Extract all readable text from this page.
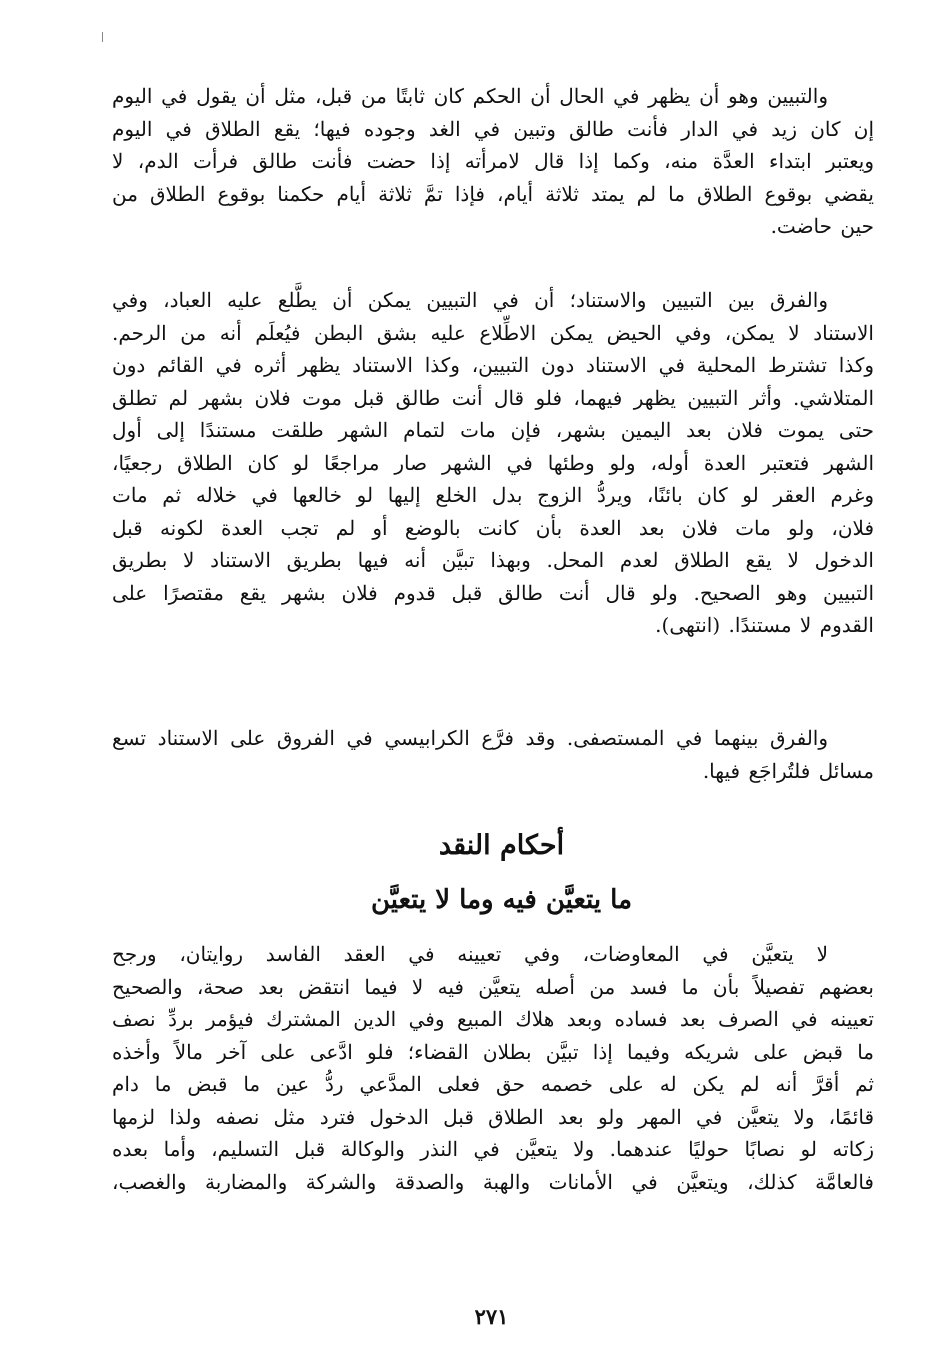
والتبيين وهو أن يظهر في الحال أن الحكم كان ثابتًا من قبل، مثل أن يقول في اليوم
إن كان زيد في الدار فأنت طالق وتبين في الغد وجوده فيها؛ يقع الطلاق في اليوم
ويعتبر ابتداء العدَّة منه، وكما إذا قال لامرأته إذا حضت فأنت طالق فرأت الدم، لا
يقضي بوقوع الطلاق ما لم يمتد ثلاثة أيام، فإذا تمَّ ثلاثة أيام حكمنا بوقوع الطلاق من
حين حاضت.
والفرق بين التبيين والاستناد؛ أن في التبيين يمكن أن يطَّلع عليه العباد، وفي
الاستناد لا يمكن، وفي الحيض يمكن الاطِّلاع عليه بشق البطن فيُعلَم أنه من الرحم.
وكذا تشترط المحلية في الاستناد دون التبيين، وكذا الاستناد يظهر أثره في القائم دون
المتلاشي. وأثر التبيين يظهر فيهما، فلو قال أنت طالق قبل موت فلان بشهر لم تطلق
حتى يموت فلان بعد اليمين بشهر، فإن مات لتمام الشهر طلقت مستندًا إلى أول
الشهر فتعتبر العدة أوله، ولو وطئها في الشهر صار مراجعًا لو كان الطلاق رجعيًا،
وغرم العقر لو كان بائنًا، ويردُّ الزوج بدل الخلع إليها لو خالعها في خلاله ثم مات
فلان، ولو مات فلان بعد العدة بأن كانت بالوضع أو لم تجب العدة لكونه قبل
الدخول لا يقع الطلاق لعدم المحل. وبهذا تبيَّن أنه فيها بطريق الاستناد لا بطريق
التبيين وهو الصحيح. ولو قال أنت طالق قبل قدوم فلان بشهر يقع مقتصرًا على
القدوم لا مستندًا. (انتهى).
والفرق بينهما في المستصفى. وقد فرَّع الكرابيسي في الفروق على الاستناد تسع
مسائل فلتُراجَع فيها.
أحكام النقد
ما يتعيَّن فيه وما لا يتعيَّن
لا يتعيَّن في المعاوضات، وفي تعيينه في العقد الفاسد روايتان، ورجح
بعضهم تفصيلاً بأن ما فسد من أصله يتعيَّن فيه لا فيما انتقض بعد صحة، والصحيح
تعيينه في الصرف بعد فساده وبعد هلاك المبيع وفي الدين المشترك فيؤمر بردِّ نصف
ما قبض على شريكه وفيما إذا تبيَّن بطلان القضاء؛ فلو ادَّعى على آخر مالاً وأخذه
ثم أقرَّ أنه لم يكن له على خصمه حق فعلى المدَّعي ردُّ عين ما قبض ما دام
قائمًا، ولا يتعيَّن في المهر ولو بعد الطلاق قبل الدخول فترد مثل نصفه ولذا لزمها
زكاته لو نصابًا حوليًا عندهما. ولا يتعيَّن في النذر والوكالة قبل التسليم، وأما بعده
فالعامَّة كذلك، ويتعيَّن في الأمانات والهبة والصدقة والشركة والمضاربة والغصب،
٢٧١
